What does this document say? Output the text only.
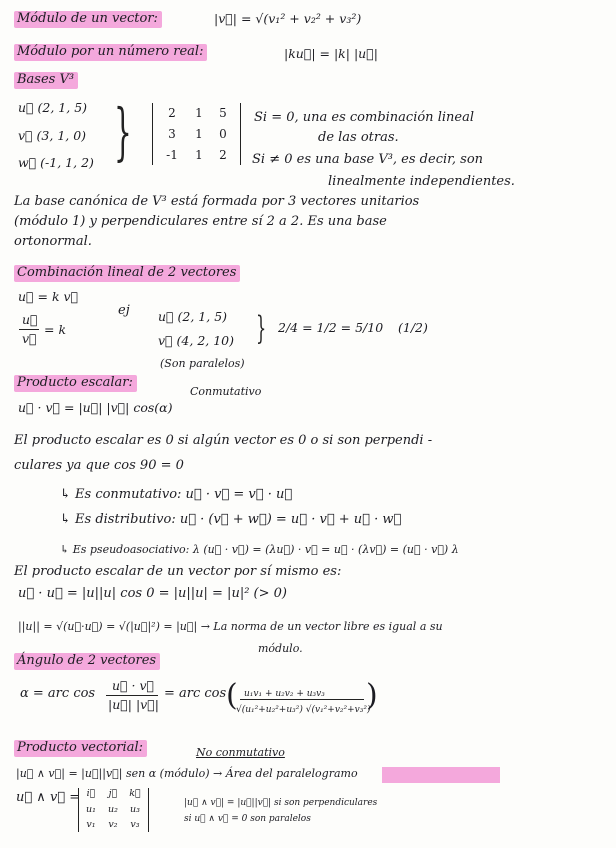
Módulo de un vector:	|v⃗| = √(v₁² + v₂² + v₃²)
Módulo por un número real:	|ku⃗| = |k| |u⃗|
Bases V³
u⃗ (2, 1, 5)
v⃗ (3, 1, 0)
w⃗ (-1, 1, 2) }	2	1	5
3	1	0
-1	1	2
Si = 0, una es combinación lineal
de las otras.
Si ≠ 0 es una base V³, es decir, son
linealmente independientes.
La base canónica de V³ está formada por 3 vectores unitarios
(módulo 1) y perpendiculares entre sí 2 a 2. Es una base
ortonormal.
Combinación lineal de 2 vectores
u⃗ = k v⃗
u⃗
v⃗
= k
ej u⃗ (2, 1, 5)
v⃗ (4, 2, 10) } 2/4 = 1/2 = 5/10 (1/2)
(Son paralelos)
Producto escalar:
Conmutativo
u⃗ · v⃗ = |u⃗| |v⃗| cos(α)
El producto escalar es 0 si algún vector es 0 o si son perpendi -
culares ya que cos 90 = 0
↳ Es conmutativo: u⃗ · v⃗ = v⃗ · u⃗
↳ Es distributivo: u⃗ · (v⃗ + w⃗) = u⃗ · v⃗ + u⃗ · w⃗
↳ Es pseudoasociativo: λ (u⃗ · v⃗) = (λu⃗) · v⃗ = u⃗ · (λv⃗) = (u⃗ · v⃗) λ
El producto escalar de un vector por sí mismo es:
u⃗ · u⃗ = |u||u| cos 0 = |u||u| = |u|² (> 0)
||u|| = √(u⃗·u⃗) = √(|u⃗|²) = |u⃗| → La norma de un vector libre es igual a su
módulo.
Ángulo de 2 vectores
α = arc cos
u⃗ · v⃗
|u⃗| |v⃗|
= arc cos ( u₁v₁ + u₂v₂ + u₃v₃
√(u₁²+u₂²+u₃²) √(v₁²+v₂²+v₃²)
)
Producto vectorial:	No conmutativo
|u⃗ ∧ v⃗| = |u⃗||v⃗| sen α (módulo) → Área del paralelogramo
u⃗ ∧ v⃗ = i⃗	j⃗	k⃗
u₁	u₂	u₃
v₁	v₂	v₃
|u⃗ ∧ v⃗| = |u⃗||v⃗| si son perpendiculares
si u⃗ ∧ v⃗ = 0 son paralelos
